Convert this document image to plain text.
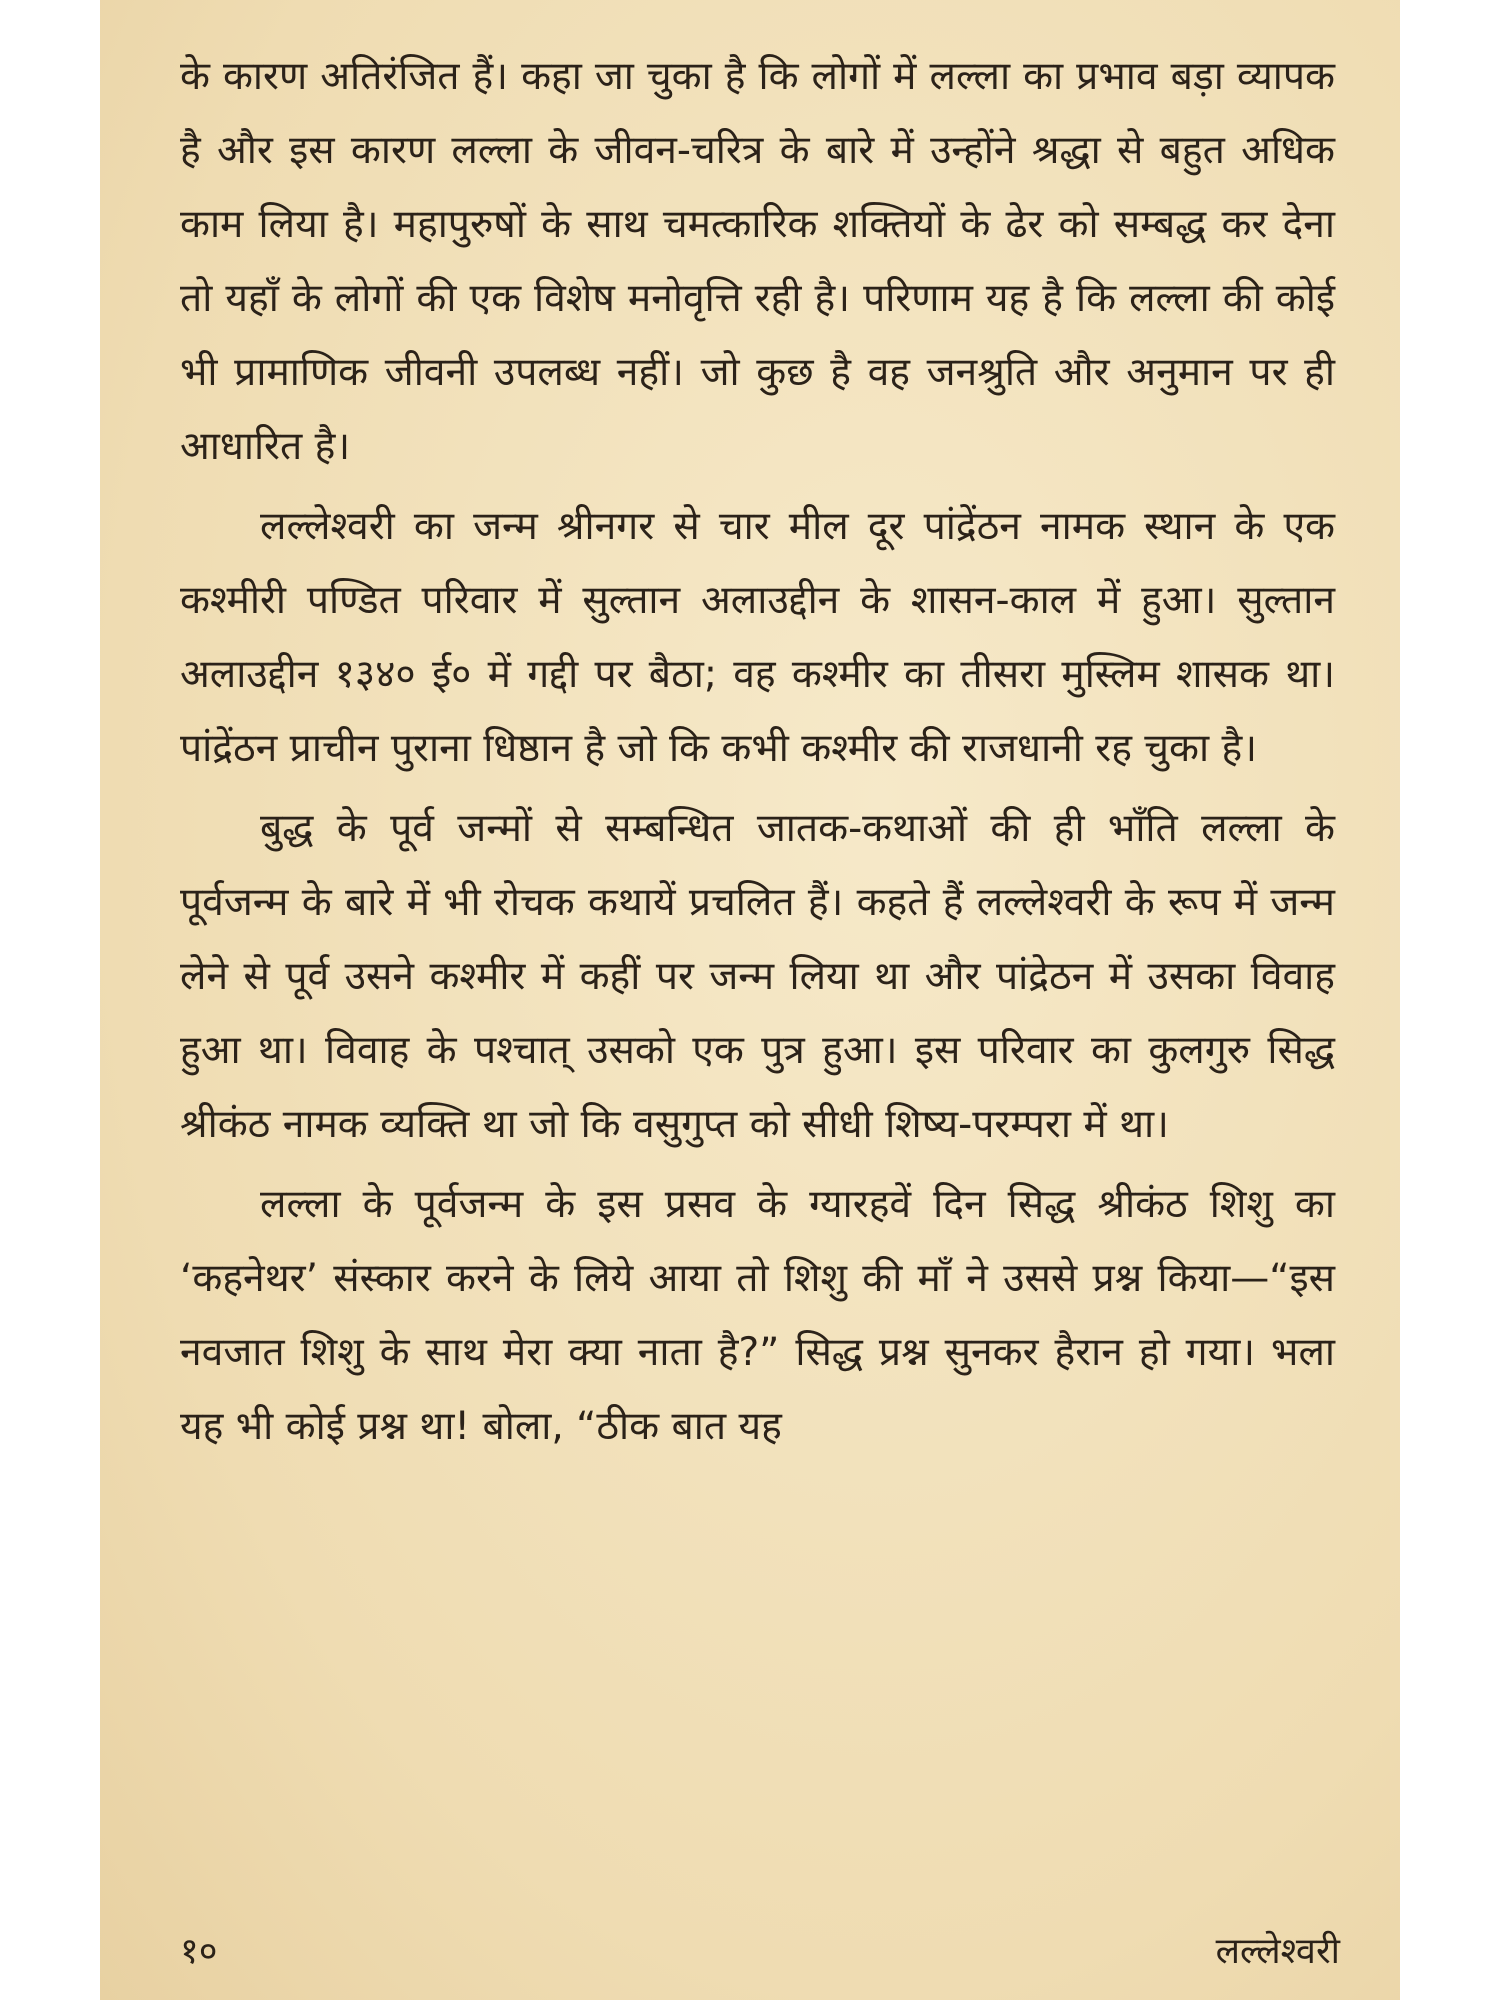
के कारण अतिरंजित हैं। कहा जा चुका है कि लोगों में लल्ला का प्रभाव बड़ा व्यापक है और इस कारण लल्ला के जीवन-चरित्र के बारे में उन्होंने श्रद्धा से बहुत अधिक काम लिया है। महापुरुषों के साथ चमत्कारिक शक्तियों के ढेर को सम्बद्ध कर देना तो यहाँ के लोगों की एक विशेष मनोवृत्ति रही है। परिणाम यह है कि लल्ला की कोई भी प्रामाणिक जीवनी उपलब्ध नहीं। जो कुछ है वह जनश्रुति और अनुमान पर ही आधारित है।

लल्लेश्वरी का जन्म श्रीनगर से चार मील दूर पांद्रेंठन नामक स्थान के एक कश्मीरी पण्डित परिवार में सुल्तान अलाउद्दीन के शासन-काल में हुआ। सुल्तान अलाउद्दीन १३४० ई० में गद्दी पर बैठा; वह कश्मीर का तीसरा मुस्लिम शासक था। पांद्रेंठन प्राचीन पुराना धिष्ठान है जो कि कभी कश्मीर की राजधानी रह चुका है।

बुद्ध के पूर्व जन्मों से सम्बन्धित जातक-कथाओं की ही भाँति लल्ला के पूर्वजन्म के बारे में भी रोचक कथायें प्रचलित हैं। कहते हैं लल्लेश्वरी के रूप में जन्म लेने से पूर्व उसने कश्मीर में कहीं पर जन्म लिया था और पांद्रेठन में उसका विवाह हुआ था। विवाह के पश्चात् उसको एक पुत्र हुआ। इस परिवार का कुलगुरु सिद्ध श्रीकंठ नामक व्यक्ति था जो कि वसुगुप्त को सीधी शिष्य-परम्परा में था।

लल्ला के पूर्वजन्म के इस प्रसव के ग्यारहवें दिन सिद्ध श्रीकंठ शिशु का ‘कहनेथर’ संस्कार करने के लिये आया तो शिशु की माँ ने उससे प्रश्न किया—“इस नवजात शिशु के साथ मेरा क्या नाता है?” सिद्ध प्रश्न सुनकर हैरान हो गया। भला यह भी कोई प्रश्न था! बोला, “ठीक बात यह

१०	लल्लेश्वरी
